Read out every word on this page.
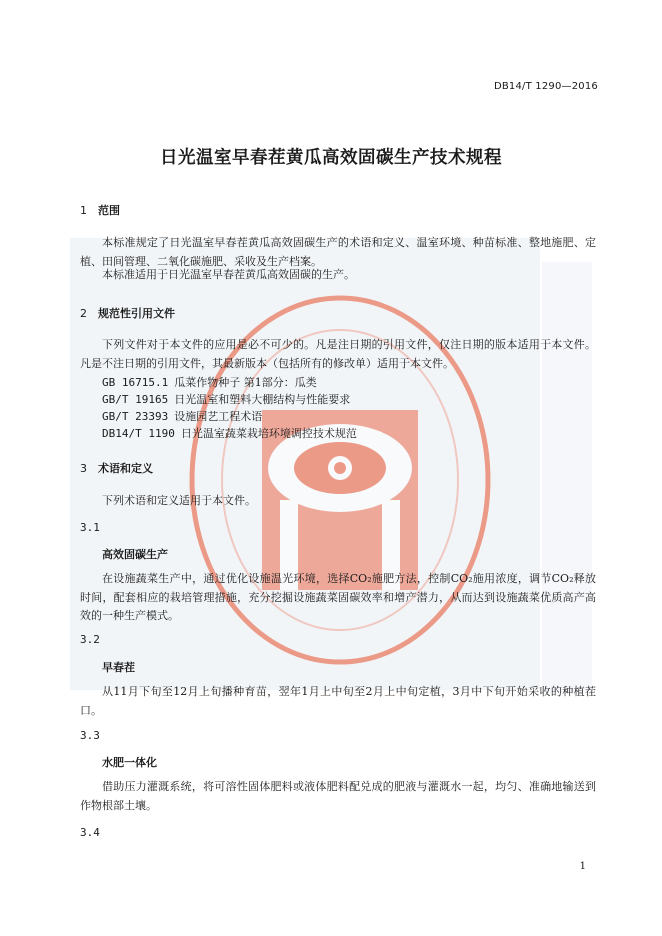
DB14/T 1290—2016
日光温室早春茬黄瓜高效固碳生产技术规程
1 范围
本标准规定了日光温室早春茬黄瓜高效固碳生产的术语和定义、温室环境、种苗标准、整地施肥、定植、田间管理、二氧化碳施肥、采收及生产档案。
本标准适用于日光温室早春茬黄瓜高效固碳的生产。
2 规范性引用文件
下列文件对于本文件的应用是必不可少的。凡是注日期的引用文件，仅注日期的版本适用于本文件。凡是不注日期的引用文件，其最新版本（包括所有的修改单）适用于本文件。
GB 16715.1 瓜菜作物种子 第1部分：瓜类
GB/T 19165 日光温室和塑料大棚结构与性能要求
GB/T 23393 设施园艺工程术语
DB14/T 1190 日光温室蔬菜栽培环境调控技术规范
3 术语和定义
下列术语和定义适用于本文件。
3.1
高效固碳生产
在设施蔬菜生产中，通过优化设施温光环境，选择CO₂施肥方法，控制CO₂施用浓度，调节CO₂释放时间，配套相应的栽培管理措施，充分挖掘设施蔬菜固碳效率和增产潜力，从而达到设施蔬菜优质高产高效的一种生产模式。
3.2
早春茬
从11月下旬至12月上旬播种育苗，翌年1月上中旬至2月上中旬定植，3月中下旬开始采收的种植茬口。
3.3
水肥一体化
借助压力灌溉系统，将可溶性固体肥料或液体肥料配兑成的肥液与灌溉水一起，均匀、准确地输送到作物根部土壤。
3.4
1
